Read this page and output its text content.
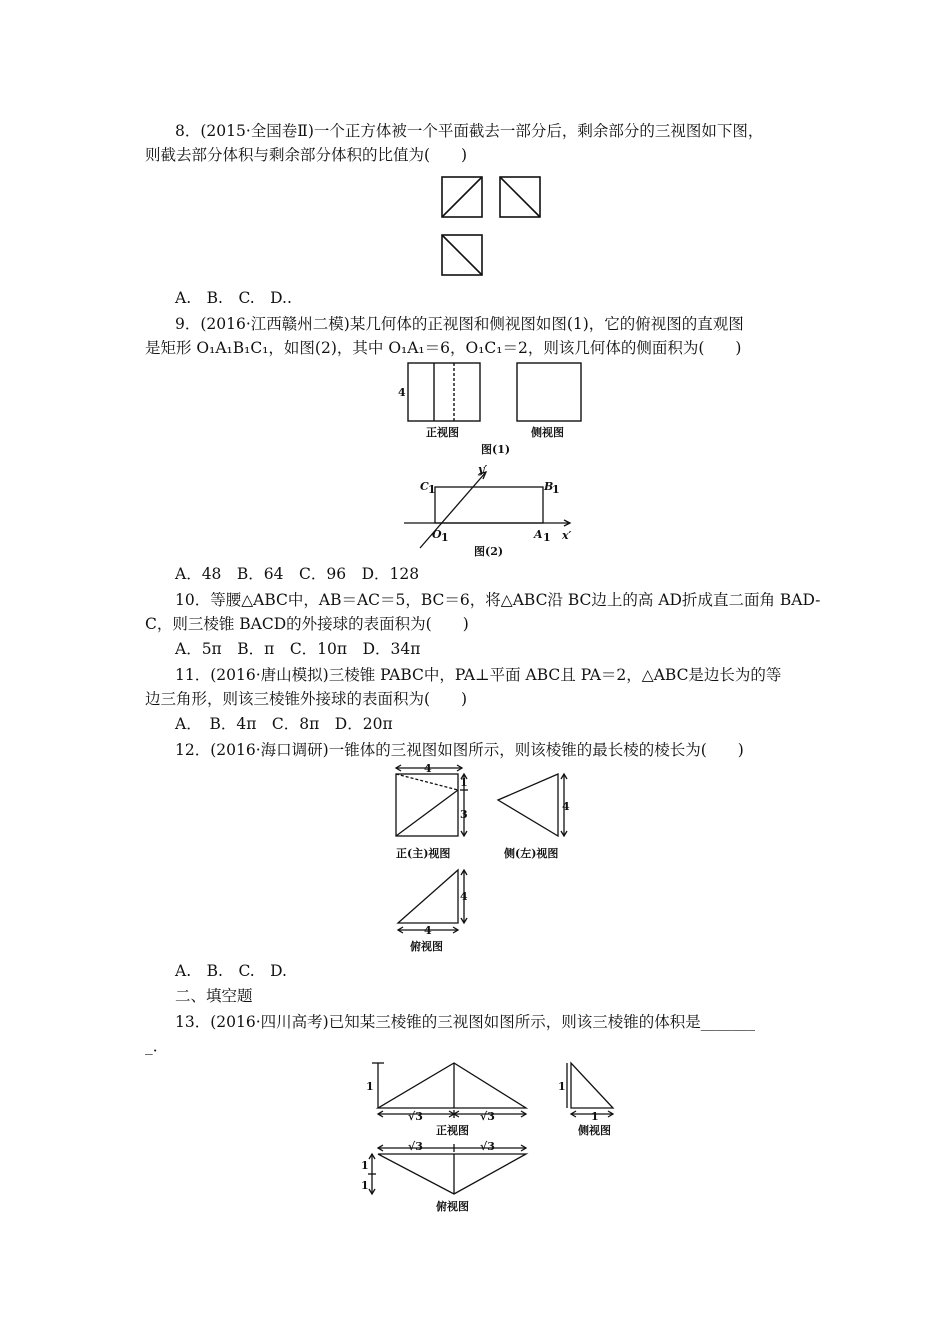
8．(2015·全国卷Ⅱ)一个正方体被一个平面截去一部分后，剩余部分的三视图如下图，
则截去部分体积与剩余部分体积的比值为(　　)
A.　B.　C.　D..
9．(2016·江西赣州二模)某几何体的正视图和侧视图如图(1)，它的俯视图的直观图
是矩形 O₁A₁B₁C₁，如图(2)，其中 O₁A₁＝6，O₁C₁＝2，则该几何体的侧面积为(　　)
4
正视图	侧视图
图(1)
C 1	B
1
O 1	A 1
y′
x′
图(2)
A．48　B．64　C．96　D．128
10．等腰△ABC中，AB＝AC＝5，BC＝6，将△ABC沿 BC边上的高 AD折成直二面角 BAD-
C，则三棱锥 BACD的外接球的表面积为(　　)
A．5π　B．π　C．10π　D．34π
11．(2016·唐山模拟)三棱锥 PABC中，PA⊥平面 ABC且 PA＝2，△ABC是边长为的等
边三角形，则该三棱锥外接球的表面积为(　　)
A．　B．4π　C．8π　D．20π
12．(2016·海口调研)一锥体的三视图如图所示，则该棱锥的最长棱的棱长为(　　)
4
1
3
正(主)视图
4
侧(左)视图
4
4
俯视图
A.　B.　C.　D.
二、填空题
13．(2016·四川高考)已知某三棱锥的三视图如图所示，则该三棱锥的体积是_______
_．
1
√3	√3
正视图
1
1
侧视图
√3	√3
1
1
俯视图
